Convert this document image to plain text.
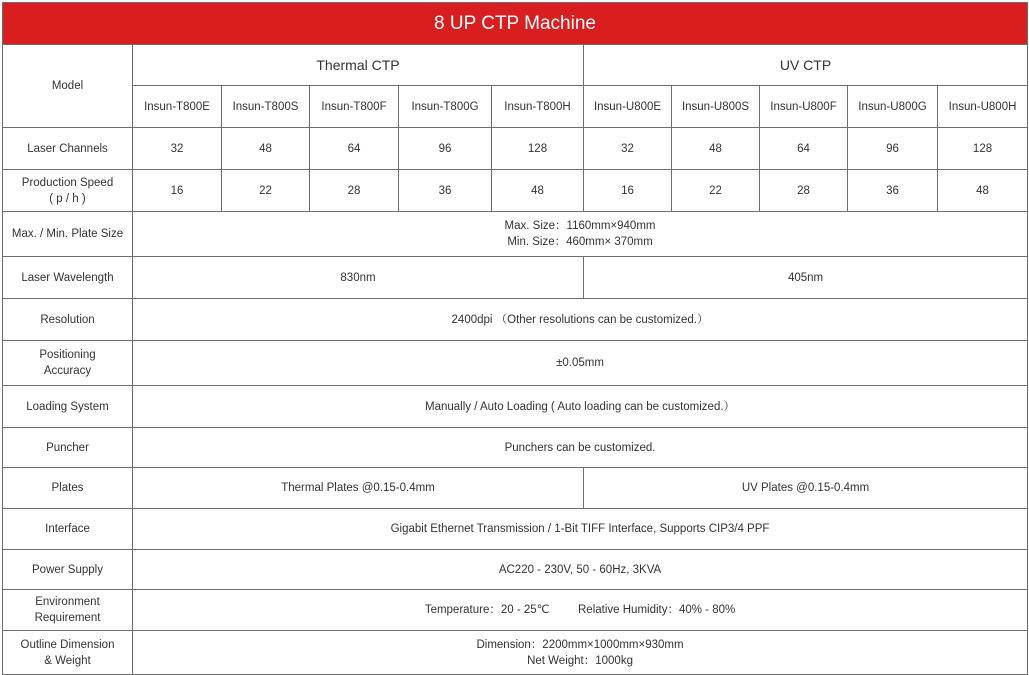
8 UP CTP Machine										
Model	Thermal CTP					UV CTP				
	Insun-T800E	Insun-T800S	Insun-T800F	Insun-T800G	Insun-T800H	Insun-U800E	Insun-U800S	Insun-U800F	Insun-U800G	Insun-U800H
Laser Channels	32	48	64	96	128	32	48	64	96	128

Production Speed
( p / h )	16	22	28	36	48	16	22	28	36	48
Max. / Min. Plate Size	Max. Size：1160mm×940mm
Min. Size：460mm× 370mm									

Laser Wavelength	830nm					405nm				
Resolution	2400dpi （Other resolutions can be customized.）									

Positioning
Accuracy	±0.05mm									
Loading System	Manually / Auto Loading ( Auto loading can be customized.）									
Puncher	Punchers can be customized.									
Plates	Thermal Plates @0.15-0.4mm					UV Plates @0.15-0.4mm				
Interface	Gigabit Ethernet Transmission / 1-Bit TIFF Interface, Supports CIP3/4 PPF									
Power Supply	AC220 - 230V, 50 - 60Hz, 3KVA									

Environment
Requirement	Temperature：20 - 25℃ Relative Humidity：40% - 80%									

Outline Dimension
& Weight	Dimension：2200mm×1000mm×930mm
Net Weight：1000kg									
